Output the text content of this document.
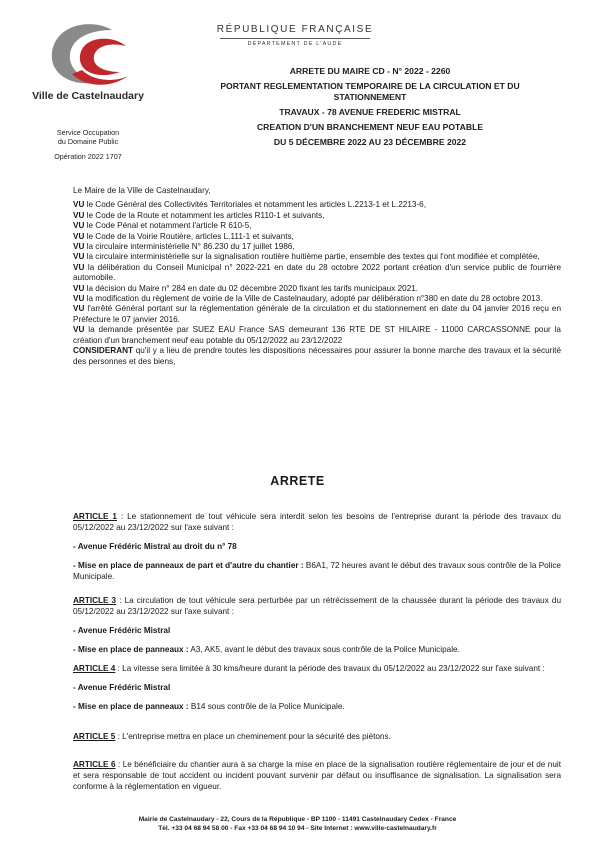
Ville de Castelnaudary
Service Occupation
du Domaine Public
Opération 2022 1707
RÉPUBLIQUE FRANÇAISE
DÉPARTEMENT DE L'AUDE
ARRETE DU MAIRE CD - N° 2022 - 2260
PORTANT REGLEMENTATION TEMPORAIRE DE LA CIRCULATION ET DU
STATIONNEMENT
TRAVAUX - 78 AVENUE FREDERIC MISTRAL
CREATION D'UN BRANCHEMENT NEUF EAU POTABLE
DU 5 DÉCEMBRE 2022 AU 23 DÉCEMBRE 2022

Le Maire de la Ville de Castelnaudary,

VU le Code Général des Collectivités Territoriales et notamment les articles L.2213-1 et L.2213-6,

VU le Code de la Route et notamment les articles R110-1 et suivants,

VU le Code Pénal et notamment l'article R 610-5,

VU le Code de la Voirie Routière, articles L.111-1 et suivants,

VU la circulaire interministérielle N° 86.230 du 17 juillet 1986,

VU la circulaire interministérielle sur la signalisation routière huitième partie, ensemble des textes qui l'ont modifiée et complétée,

VU la délibération du Conseil Municipal n° 2022-221 en date du 28 octobre 2022 portant création d'un service public de fourrière automobile.

VU la décision du Maire n° 284 en date du 02 décembre 2020 fixant les tarifs municipaux 2021.

VU la modification du règlement de voirie de la Ville de Castelnaudary, adopté par délibération n°380 en date du 28 octobre 2013.

VU l'arrêté Général portant sur la réglementation générale de la circulation et du stationnement en date du 04 janvier 2016 reçu en Préfecture le 07 janvier 2016.

VU la demande présentée par SUEZ EAU France SAS demeurant 136 RTE DE ST HILAIRE - 11000 CARCASSONNE pour la création d'un branchement neuf eau potable du 05/12/2022 au 23/12/2022

CONSIDERANT qu'il y a lieu de prendre toutes les dispositions nécessaires pour assurer la bonne marche des travaux et la sécurité des personnes et des biens,

ARRETE

ARTICLE 1 : Le stationnement de tout véhicule sera interdit selon les besoins de l'entreprise durant la période des travaux du 05/12/2022 au 23/12/2022 sur l'axe suivant :

- Avenue Frédéric Mistral au droit du n° 78

- Mise en place de panneaux de part et d'autre du chantier : B6A1, 72 heures avant le début des travaux sous contrôle de la Police Municipale.

ARTICLE 3 : La circulation de tout véhicule sera perturbée par un rétrécissement de la chaussée durant la période des travaux du 05/12/2022 au 23/12/2022 sur l'axe suivant :

- Avenue Frédéric Mistral

- Mise en place de panneaux : A3, AK5, avant le début des travaux sous contrôle de la Police Municipale.

ARTICLE 4 : La vitesse sera limitée à 30 kms/heure durant la période des travaux du 05/12/2022 au 23/12/2022 sur l'axe suivant :

- Avenue Frédéric Mistral

- Mise en place de panneaux : B14 sous contrôle de la Police Municipale.

ARTICLE 5 : L'entreprise mettra en place un cheminement pour la sécurité des piétons.

ARTICLE 6 : Le bénéficiaire du chantier aura à sa charge la mise en place de la signalisation routière réglementaire de jour et de nuit et sera responsable de tout accident ou incident pouvant survenir par défaut ou insuffisance de signalisation. La signalisation sera conforme à la réglementation en vigueur.

Mairie de Castelnaudary - 22, Cours de la République - BP 1100 - 11491 Castelnaudary Cedex - France
Tél. +33 04 68 94 58 00 - Fax +33 04 68 94 10 94 - Site Internet : www.ville-castelnaudary.fr
